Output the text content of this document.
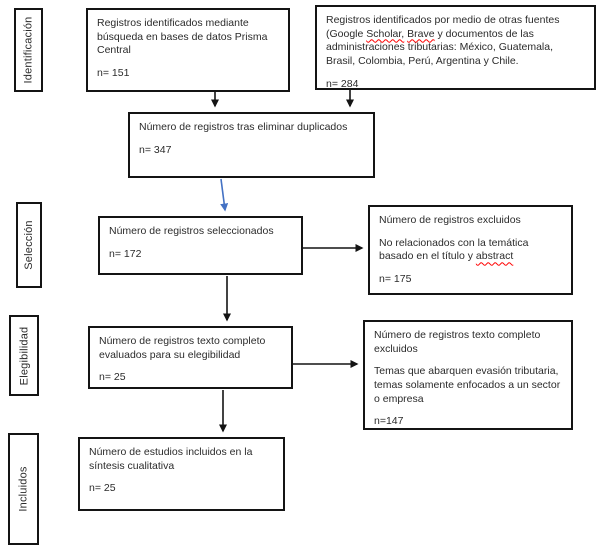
Identificación
Selección
Elegibilidad
Incluidos
Registros identificados mediante búsqueda en bases de datos Prisma Central
n= 151
Registros identificados por medio de otras fuentes (Google Scholar, Brave y documentos de las administraciones tributarias: México, Guatemala, Brasil, Colombia, Perú, Argentina y Chile.
n= 284
Número de registros tras eliminar duplicados
n= 347
Número de registros seleccionados
n= 172
Número de registros excluidos
No relacionados con la temática basado en el título y abstract
n= 175
Número de registros texto completo evaluados para su elegibilidad
n= 25
Número de registros texto completo excluidos
Temas que abarquen evasión tributaria, temas solamente enfocados a un sector o empresa
n=147
Número de estudios incluidos en la síntesis cualitativa
n= 25
